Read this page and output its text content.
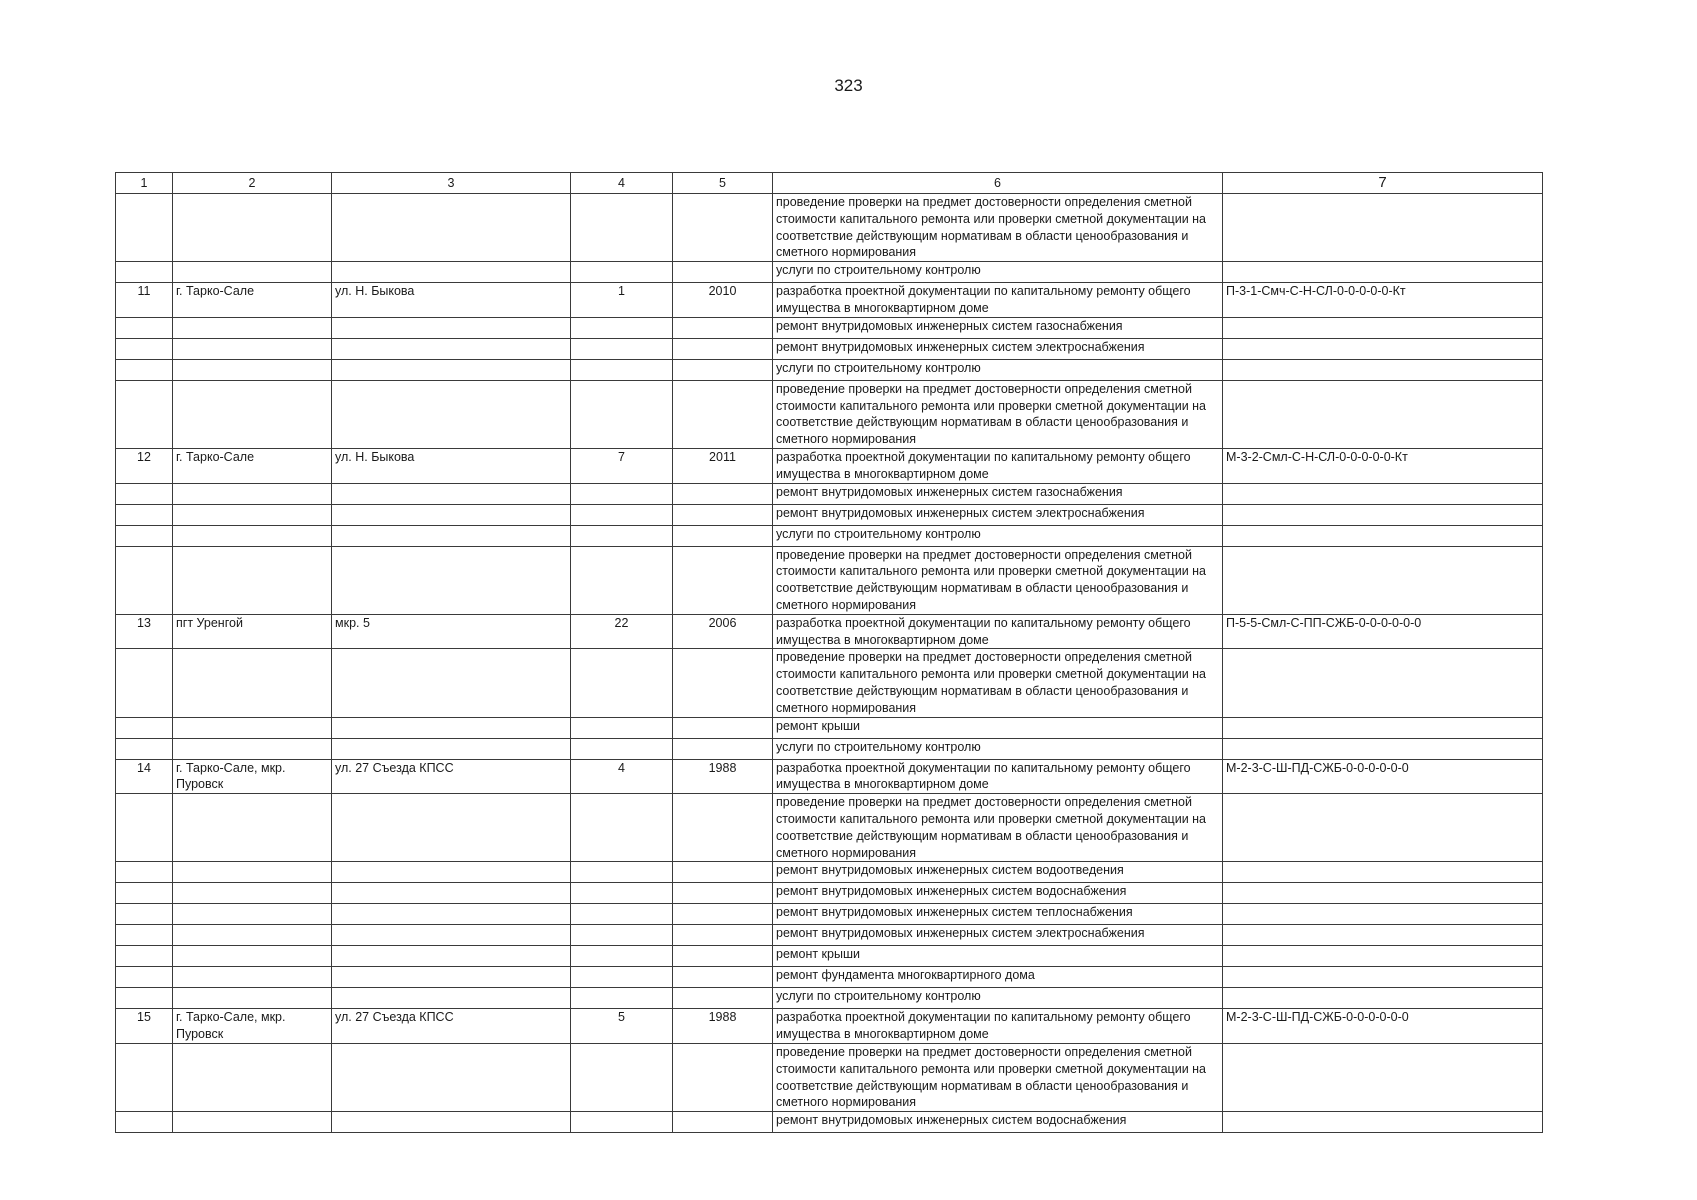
323
1	2	3	4	5	6	7
					проведение проверки на предмет достоверности определения сметной стоимости капитального ремонта или проверки сметной документации на соответствие действующим нормативам в области ценообразования и сметного нормирования	
					услуги по строительному контролю	
11	г. Тарко-Сале	ул. Н. Быкова	1	2010	разработка проектной документации по капитальному ремонту общего имущества в многоквартирном доме	П-3-1-Смч-С-Н-СЛ-0-0-0-0-0-Кт
					ремонт внутридомовых инженерных систем газоснабжения	
					ремонт внутридомовых инженерных систем электроснабжения	
					услуги по строительному контролю	
					проведение проверки на предмет достоверности определения сметной стоимости капитального ремонта или проверки сметной документации на соответствие действующим нормативам в области ценообразования и сметного нормирования	
12	г. Тарко-Сале	ул. Н. Быкова	7	2011	разработка проектной документации по капитальному ремонту общего имущества в многоквартирном доме	М-3-2-Смл-С-Н-СЛ-0-0-0-0-0-Кт
					ремонт внутридомовых инженерных систем газоснабжения	
					ремонт внутридомовых инженерных систем электроснабжения	
					услуги по строительному контролю	
					проведение проверки на предмет достоверности определения сметной стоимости капитального ремонта или проверки сметной документации на соответствие действующим нормативам в области ценообразования и сметного нормирования	
13	пгт Уренгой	мкр. 5	22	2006	разработка проектной документации по капитальному ремонту общего имущества в многоквартирном доме	П-5-5-Смл-С-ПП-СЖБ-0-0-0-0-0-0
					проведение проверки на предмет достоверности определения сметной стоимости капитального ремонта или проверки сметной документации на соответствие действующим нормативам в области ценообразования и сметного нормирования	
					ремонт крыши	
					услуги по строительному контролю	
14	г. Тарко-Сале, мкр. Пуровск	ул. 27 Съезда КПСС	4	1988	разработка проектной документации по капитальному ремонту общего имущества в многоквартирном доме	М-2-3-С-Ш-ПД-СЖБ-0-0-0-0-0-0
					проведение проверки на предмет достоверности определения сметной стоимости капитального ремонта или проверки сметной документации на соответствие действующим нормативам в области ценообразования и сметного нормирования	
					ремонт внутридомовых инженерных систем водоотведения	
					ремонт внутридомовых инженерных систем водоснабжения	
					ремонт внутридомовых инженерных систем теплоснабжения	
					ремонт внутридомовых инженерных систем электроснабжения	
					ремонт крыши	
					ремонт фундамента многоквартирного дома	
					услуги по строительному контролю	
15	г. Тарко-Сале, мкр. Пуровск	ул. 27 Съезда КПСС	5	1988	разработка проектной документации по капитальному ремонту общего имущества в многоквартирном доме	М-2-3-С-Ш-ПД-СЖБ-0-0-0-0-0-0
					проведение проверки на предмет достоверности определения сметной стоимости капитального ремонта или проверки сметной документации на соответствие действующим нормативам в области ценообразования и сметного нормирования	
					ремонт внутридомовых инженерных систем водоснабжения	
